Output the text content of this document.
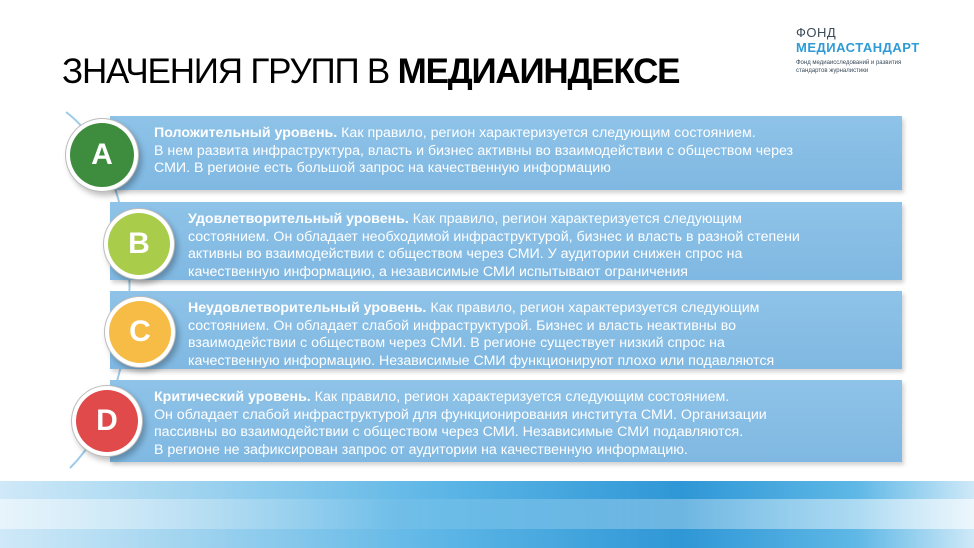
ЗНАЧЕНИЯ ГРУПП В МЕДИАИНДЕКСЕ
ФОНД
МЕДИАСТАНДАРТ
Фонд медиаисследований и развития стандартов журналистики
Положительный уровень. Как правило, регион характеризуется следующим состоянием.
В нем развита инфраструктура, власть и бизнес активны во взаимодействии с обществом через
СМИ. В регионе есть большой запрос на качественную информацию
A
Удовлетворительный уровень. Как правило, регион характеризуется следующим
состоянием. Он обладает необходимой инфраструктурой, бизнес и власть в разной степени
активны во взаимодействии с обществом через СМИ. У аудитории снижен спрос на
качественную информацию, а независимые СМИ испытывают ограничения
B
Неудовлетворительный уровень. Как правило, регион характеризуется следующим
состоянием. Он обладает слабой инфраструктурой. Бизнес и власть неактивны во
взаимодействии с обществом через СМИ. В регионе существует низкий спрос на
качественную информацию. Независимые СМИ функционируют плохо или подавляются
C
Критический уровень. Как правило, регион характеризуется следующим состоянием.
Он обладает слабой инфраструктурой для функционирования института СМИ. Организации
пассивны во взаимодействии с обществом через СМИ. Независимые СМИ подавляются.
В регионе не зафиксирован запрос от аудитории на качественную информацию.
D
